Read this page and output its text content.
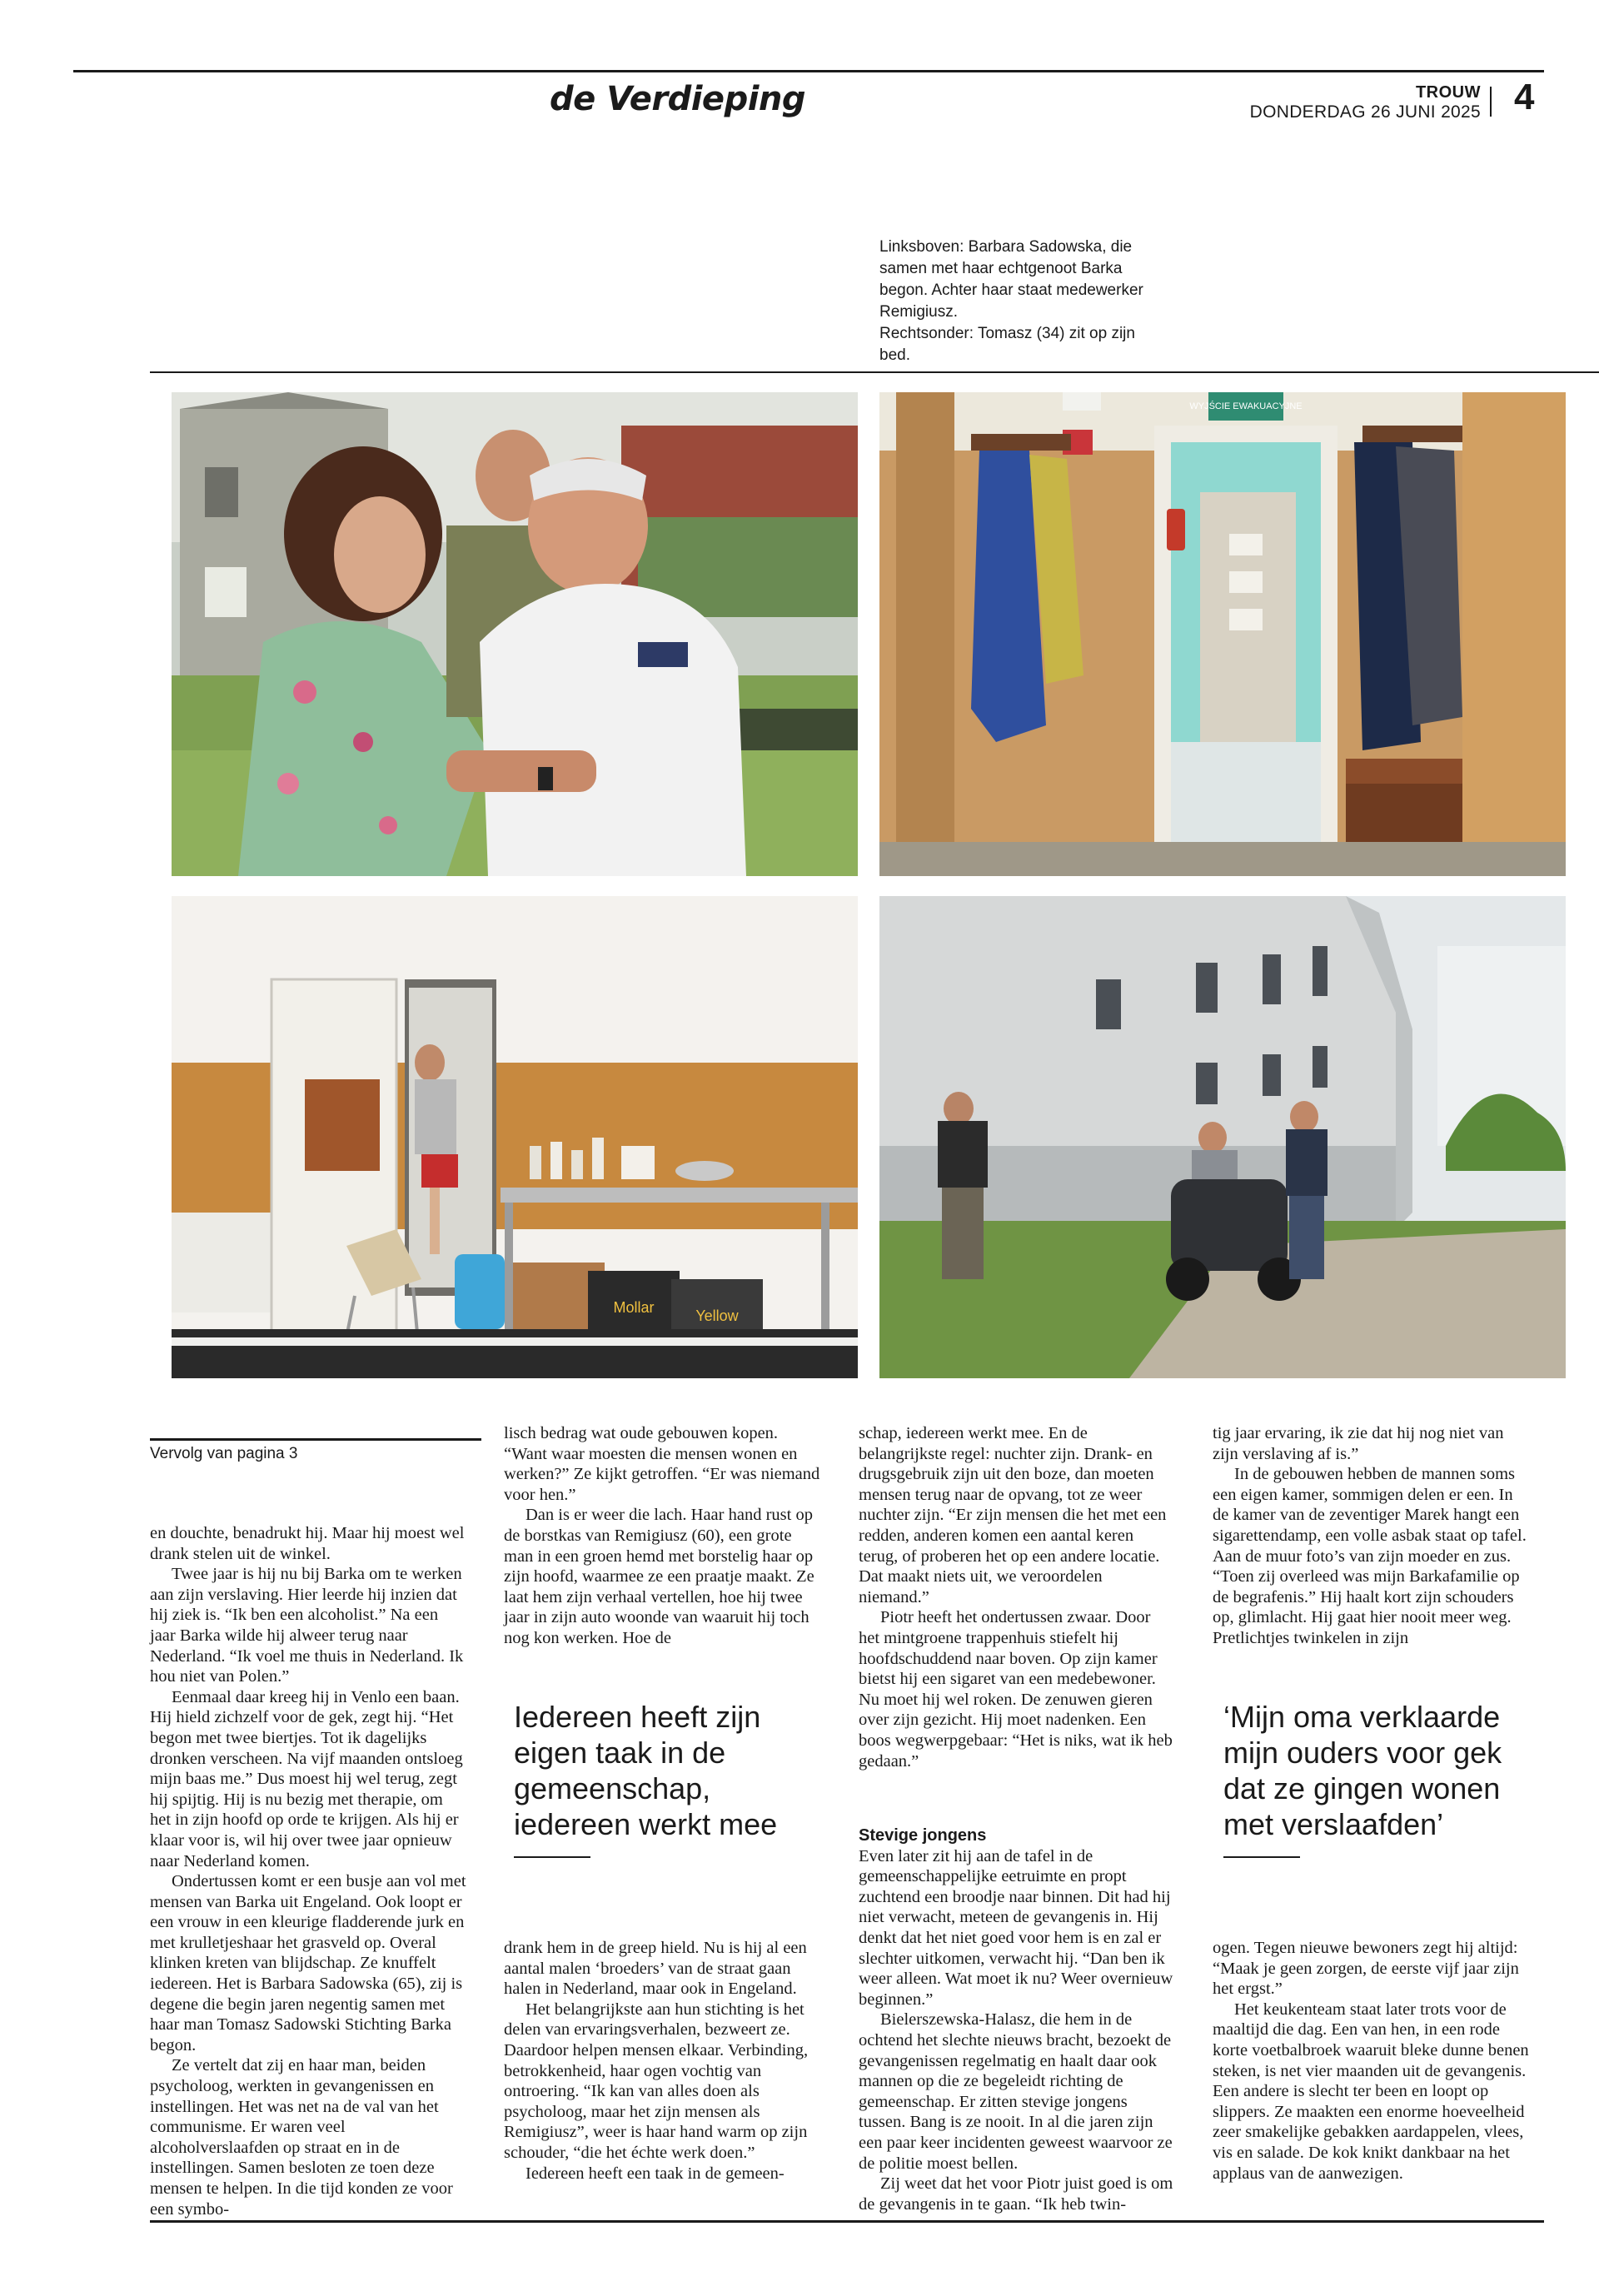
de Verdieping	TROUW
DONDERDAG 26 JUNI 2025 4
Linksboven: Barbara Sadowska, die
samen met haar echtgenoot Barka
begon. Achter haar staat medewerker
Remigiusz.
Rechtsonder: Tomasz (34) zit op zijn
bed.
WYJŚCIE EWAKUACYJNE
Mollar	Yellow
Vervolg van pagina 3

en douchte, benadrukt hij. Maar hij moest wel drank stelen uit de winkel.

Twee jaar is hij nu bij Barka om te werken aan zijn verslaving. Hier leerde hij inzien dat hij ziek is. “Ik ben een alcoholist.” Na een jaar Barka wilde hij alweer terug naar Nederland. “Ik voel me thuis in Nederland. Ik hou niet van Polen.”

Eenmaal daar kreeg hij in Venlo een baan. Hij hield zichzelf voor de gek, zegt hij. “Het begon met twee biertjes. Tot ik dagelijks dronken verscheen. Na vijf maanden ontsloeg mijn baas me.” Dus moest hij wel terug, zegt hij spijtig. Hij is nu bezig met therapie, om het in zijn hoofd op orde te krijgen. Als hij er klaar voor is, wil hij over twee jaar opnieuw naar Nederland komen.

Ondertussen komt er een busje aan vol met mensen van Barka uit Engeland. Ook loopt er een vrouw in een kleurige fladderende jurk en met krulletjeshaar het grasveld op. Overal klinken kreten van blijdschap. Ze knuffelt iedereen. Het is Barbara Sadowska (65), zij is degene die begin jaren negentig samen met haar man Tomasz Sadowski Stichting Barka begon.

Ze vertelt dat zij en haar man, beiden psycholoog, werkten in gevangenissen en instellingen. Het was net na de val van het communisme. Er waren veel alcoholverslaafden op straat en in de instellingen. Samen besloten ze toen deze mensen te helpen. In die tijd konden ze voor een symbo-

lisch bedrag wat oude gebouwen kopen. “Want waar moesten die mensen wonen en werken?” Ze kijkt getroffen. “Er was niemand voor hen.”

Dan is er weer die lach. Haar hand rust op de borstkas van Remigiusz (60), een grote man in een groen hemd met borstelig haar op zijn hoofd, waarmee ze een praatje maakt. Ze laat hem zijn verhaal vertellen, hoe hij twee jaar in zijn auto woonde van waaruit hij toch nog kon werken. Hoe de

Iedereen heeft zijn eigen taak in de gemeenschap, iedereen werkt mee

drank hem in de greep hield. Nu is hij al een aantal malen ‘broeders’ van de straat gaan halen in Nederland, maar ook in Engeland.

Het belangrijkste aan hun stichting is het delen van ervaringsverhalen, bezweert ze. Daardoor helpen mensen elkaar. Verbinding, betrokkenheid, haar ogen vochtig van ontroering. “Ik kan van alles doen als psycholoog, maar het zijn mensen als Remigiusz”, weer is haar hand warm op zijn schouder, “die het échte werk doen.”

Iedereen heeft een taak in de gemeen-

schap, iedereen werkt mee. En de belangrijkste regel: nuchter zijn. Drank- en drugsgebruik zijn uit den boze, dan moeten mensen terug naar de opvang, tot ze weer nuchter zijn. “Er zijn mensen die het met een redden, anderen komen een aantal keren terug, of proberen het op een andere locatie. Dat maakt niets uit, we veroordelen niemand.”

Piotr heeft het ondertussen zwaar. Door het mintgroene trappenhuis stiefelt hij hoofdschuddend naar boven. Op zijn kamer bietst hij een sigaret van een medebewoner. Nu moet hij wel roken. De zenuwen gieren over zijn gezicht. Hij moet nadenken. Een boos wegwerpgebaar: “Het is niks, wat ik heb gedaan.”

Stevige jongens

Even later zit hij aan de tafel in de gemeenschappelijke eetruimte en propt zuchtend een broodje naar binnen. Dit had hij niet verwacht, meteen de gevangenis in. Hij denkt dat het niet goed voor hem is en zal er slechter uitkomen, verwacht hij. “Dan ben ik weer alleen. Wat moet ik nu? Weer overnieuw beginnen.”

Bielerszewska-Halasz, die hem in de ochtend het slechte nieuws bracht, bezoekt de gevangenissen regelmatig en haalt daar ook mannen op die ze begeleidt richting de gemeenschap. Er zitten stevige jongens tussen. Bang is ze nooit. In al die jaren zijn een paar keer incidenten geweest waarvoor ze de politie moest bellen.

Zij weet dat het voor Piotr juist goed is om de gevangenis in te gaan. “Ik heb twin-

tig jaar ervaring, ik zie dat hij nog niet van zijn verslaving af is.”

In de gebouwen hebben de mannen soms een eigen kamer, sommigen delen er een. In de kamer van de zeventiger Marek hangt een sigarettendamp, een volle asbak staat op tafel. Aan de muur foto’s van zijn moeder en zus. “Toen zij overleed was mijn Barkafamilie op de begrafenis.” Hij haalt kort zijn schouders op, glimlacht. Hij gaat hier nooit meer weg. Pretlichtjes twinkelen in zijn

‘Mijn oma verklaarde mijn ouders voor gek dat ze gingen wonen met verslaafden’

ogen. Tegen nieuwe bewoners zegt hij altijd: “Maak je geen zorgen, de eerste vijf jaar zijn het ergst.”

Het keukenteam staat later trots voor de maaltijd die dag. Een van hen, in een rode korte voetbalbroek waaruit bleke dunne benen steken, is net vier maanden uit de gevangenis. Een andere is slecht ter been en loopt op slippers. Ze maakten een enorme hoeveelheid zeer smakelijke gebakken aardappelen, vlees, vis en salade. De kok knikt dankbaar na het applaus van de aanwezigen.
